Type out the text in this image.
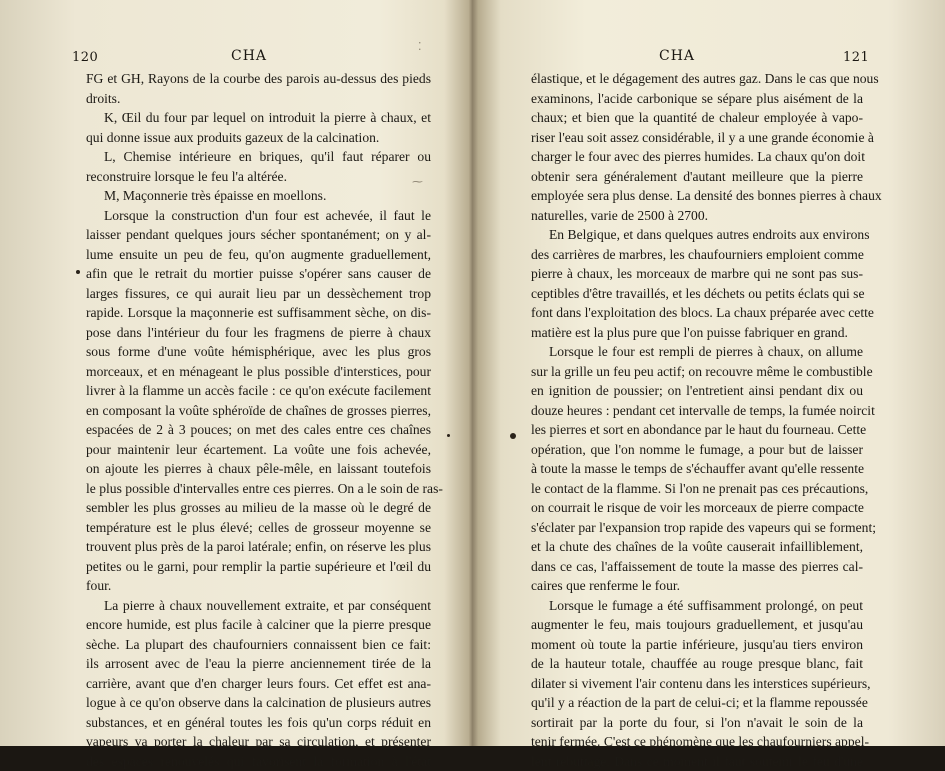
120	CHA
FG et GH, Rayons de la courbe des parois au-dessus des pieds
droits.
K, Œil du four par lequel on introduit la pierre à chaux, et
qui donne issue aux produits gazeux de la calcination.
L, Chemise intérieure en briques, qu'il faut réparer ou
reconstruire lorsque le feu l'a altérée.
M, Maçonnerie très épaisse en moellons.
Lorsque la construction d'un four est achevée, il faut le
laisser pendant quelques jours sécher spontanément; on y al-
lume ensuite un peu de feu, qu'on augmente graduellement,
afin que le retrait du mortier puisse s'opérer sans causer de
larges fissures, ce qui aurait lieu par un dessèchement trop
rapide. Lorsque la maçonnerie est suffisamment sèche, on dis-
pose dans l'intérieur du four les fragmens de pierre à chaux
sous forme d'une voûte hémisphérique, avec les plus gros
morceaux, et en ménageant le plus possible d'interstices, pour
livrer à la flamme un accès facile : ce qu'on exécute facilement
en composant la voûte sphéroïde de chaînes de grosses pierres,
espacées de 2 à 3 pouces; on met des cales entre ces chaînes
pour maintenir leur écartement. La voûte une fois achevée,
on ajoute les pierres à chaux pêle-mêle, en laissant toutefois
le plus possible d'intervalles entre ces pierres. On a le soin de ras-
sembler les plus grosses au milieu de la masse où le degré de
température est le plus élevé; celles de grosseur moyenne se
trouvent plus près de la paroi latérale; enfin, on réserve les plus
petites ou le garni, pour remplir la partie supérieure et l'œil du
four.
La pierre à chaux nouvellement extraite, et par conséquent
encore humide, est plus facile à calciner que la pierre presque
sèche. La plupart des chaufourniers connaissent bien ce fait:
ils arrosent avec de l'eau la pierre anciennement tirée de la
carrière, avant que d'en charger leurs fours. Cet effet est ana-
logue à ce qu'on observe dans la calcination de plusieurs autres
substances, et en général toutes les fois qu'un corps réduit en
vapeurs va porter la chaleur par sa circulation, et présenter
des espaces renouvelés qui favorisent la formation à l'état
⁚
⁓
CHA	121
élastique, et le dégagement des autres gaz. Dans le cas que nous
examinons, l'acide carbonique se sépare plus aisément de la
chaux; et bien que la quantité de chaleur employée à vapo-
riser l'eau soit assez considérable, il y a une grande économie à
charger le four avec des pierres humides. La chaux qu'on doit
obtenir sera généralement d'autant meilleure que la pierre
employée sera plus dense. La densité des bonnes pierres à chaux
naturelles, varie de 2500 à 2700.
En Belgique, et dans quelques autres endroits aux environs
des carrières de marbres, les chaufourniers emploient comme
pierre à chaux, les morceaux de marbre qui ne sont pas sus-
ceptibles d'être travaillés, et les déchets ou petits éclats qui se
font dans l'exploitation des blocs. La chaux préparée avec cette
matière est la plus pure que l'on puisse fabriquer en grand.
Lorsque le four est rempli de pierres à chaux, on allume
sur la grille un feu peu actif; on recouvre même le combustible
en ignition de poussier; on l'entretient ainsi pendant dix ou
douze heures : pendant cet intervalle de temps, la fumée noircit
les pierres et sort en abondance par le haut du fourneau. Cette
opération, que l'on nomme le fumage, a pour but de laisser
à toute la masse le temps de s'échauffer avant qu'elle ressente
le contact de la flamme. Si l'on ne prenait pas ces précautions,
on courrait le risque de voir les morceaux de pierre compacte
s'éclater par l'expansion trop rapide des vapeurs qui se forment;
et la chute des chaînes de la voûte causerait infailliblement,
dans ce cas, l'affaissement de toute la masse des pierres cal-
caires que renferme le four.
Lorsque le fumage a été suffisamment prolongé, on peut
augmenter le feu, mais toujours graduellement, et jusqu'au
moment où toute la partie inférieure, jusqu'au tiers environ
de la hauteur totale, chauffée au rouge presque blanc, fait
dilater si vivement l'air contenu dans les interstices supérieurs,
qu'il y a réaction de la part de celui-ci; et la flamme repoussée
sortirait par la porte du four, si l'on n'avait le soin de la
tenir fermée. C'est ce phénomène que les chaufourniers appel-
lent rebuttage. Dans ce moment il faut soutenir le feu d'une
